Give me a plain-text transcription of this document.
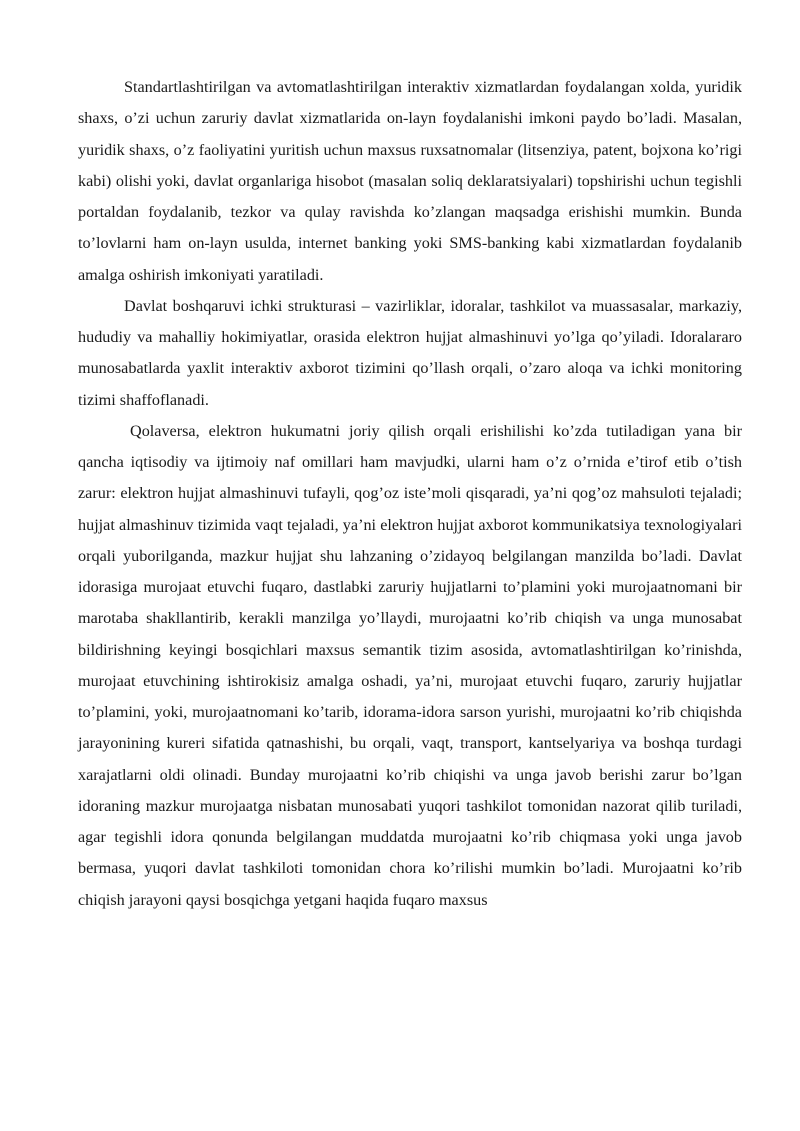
Standartlashtirilgan va avtomatlashtirilgan interaktiv xizmatlardan foydalangan xolda, yuridik shaxs, o’zi uchun zaruriy davlat xizmatlarida on-layn foydalanishi imkoni paydo bo’ladi. Masalan, yuridik shaxs, o’z faoliyatini yuritish uchun maxsus ruxsatnomalar (litsenziya, patent, bojxona ko’rigi kabi) olishi yoki, davlat organlariga hisobot (masalan soliq deklaratsiyalari) topshirishi uchun tegishli portaldan foydalanib, tezkor va qulay ravishda ko’zlangan maqsadga erishishi mumkin. Bunda to’lovlarni ham on-layn usulda, internet banking yoki SMS-banking kabi xizmatlardan foydalanib amalga oshirish imkoniyati yaratiladi.

Davlat boshqaruvi ichki strukturasi – vazirliklar, idoralar, tashkilot va muassasalar, markaziy, hududiy va mahalliy hokimiyatlar, orasida elektron hujjat almashinuvi yo’lga qo’yiladi. Idoralararo munosabatlarda yaxlit interaktiv axborot tizimini qo’llash orqali, o’zaro aloqa va ichki monitoring tizimi shaffoflanadi.

Qolaversa, elektron hukumatni joriy qilish orqali erishilishi ko’zda tutiladigan yana bir qancha iqtisodiy va ijtimoiy naf omillari ham mavjudki, ularni ham o’z o’rnida e’tirof etib o’tish zarur: elektron hujjat almashinuvi tufayli, qog’oz iste’moli qisqaradi, ya’ni qog’oz mahsuloti tejaladi; hujjat almashinuv tizimida vaqt tejaladi, ya’ni elektron hujjat axborot kommunikatsiya texnologiyalari orqali yuborilganda, mazkur hujjat shu lahzaning o’zidayoq belgilangan manzilda bo’ladi. Davlat idorasiga murojaat etuvchi fuqaro, dastlabki zaruriy hujjatlarni to’plamini yoki murojaatnomani bir marotaba shakllantirib, kerakli manzilga yo’llaydi, murojaatni ko’rib chiqish va unga munosabat bildirishning keyingi bosqichlari maxsus semantik tizim asosida, avtomatlashtirilgan ko’rinishda, murojaat etuvchining ishtirokisiz amalga oshadi, ya’ni, murojaat etuvchi fuqaro, zaruriy hujjatlar to’plamini, yoki, murojaatnomani ko’tarib, idorama-idora sarson yurishi, murojaatni ko’rib chiqishda jarayonining kureri sifatida qatnashishi, bu orqali, vaqt, transport, kantselyariya va boshqa turdagi xarajatlarni oldi olinadi. Bunday murojaatni ko’rib chiqishi va unga javob berishi zarur bo’lgan idoraning mazkur murojaatga nisbatan munosabati yuqori tashkilot tomonidan nazorat qilib turiladi, agar tegishli idora qonunda belgilangan muddatda murojaatni ko’rib chiqmasa yoki unga javob bermasa, yuqori davlat tashkiloti tomonidan chora ko’rilishi mumkin bo’ladi. Murojaatni ko’rib chiqish jarayoni qaysi bosqichga yetgani haqida fuqaro maxsus
